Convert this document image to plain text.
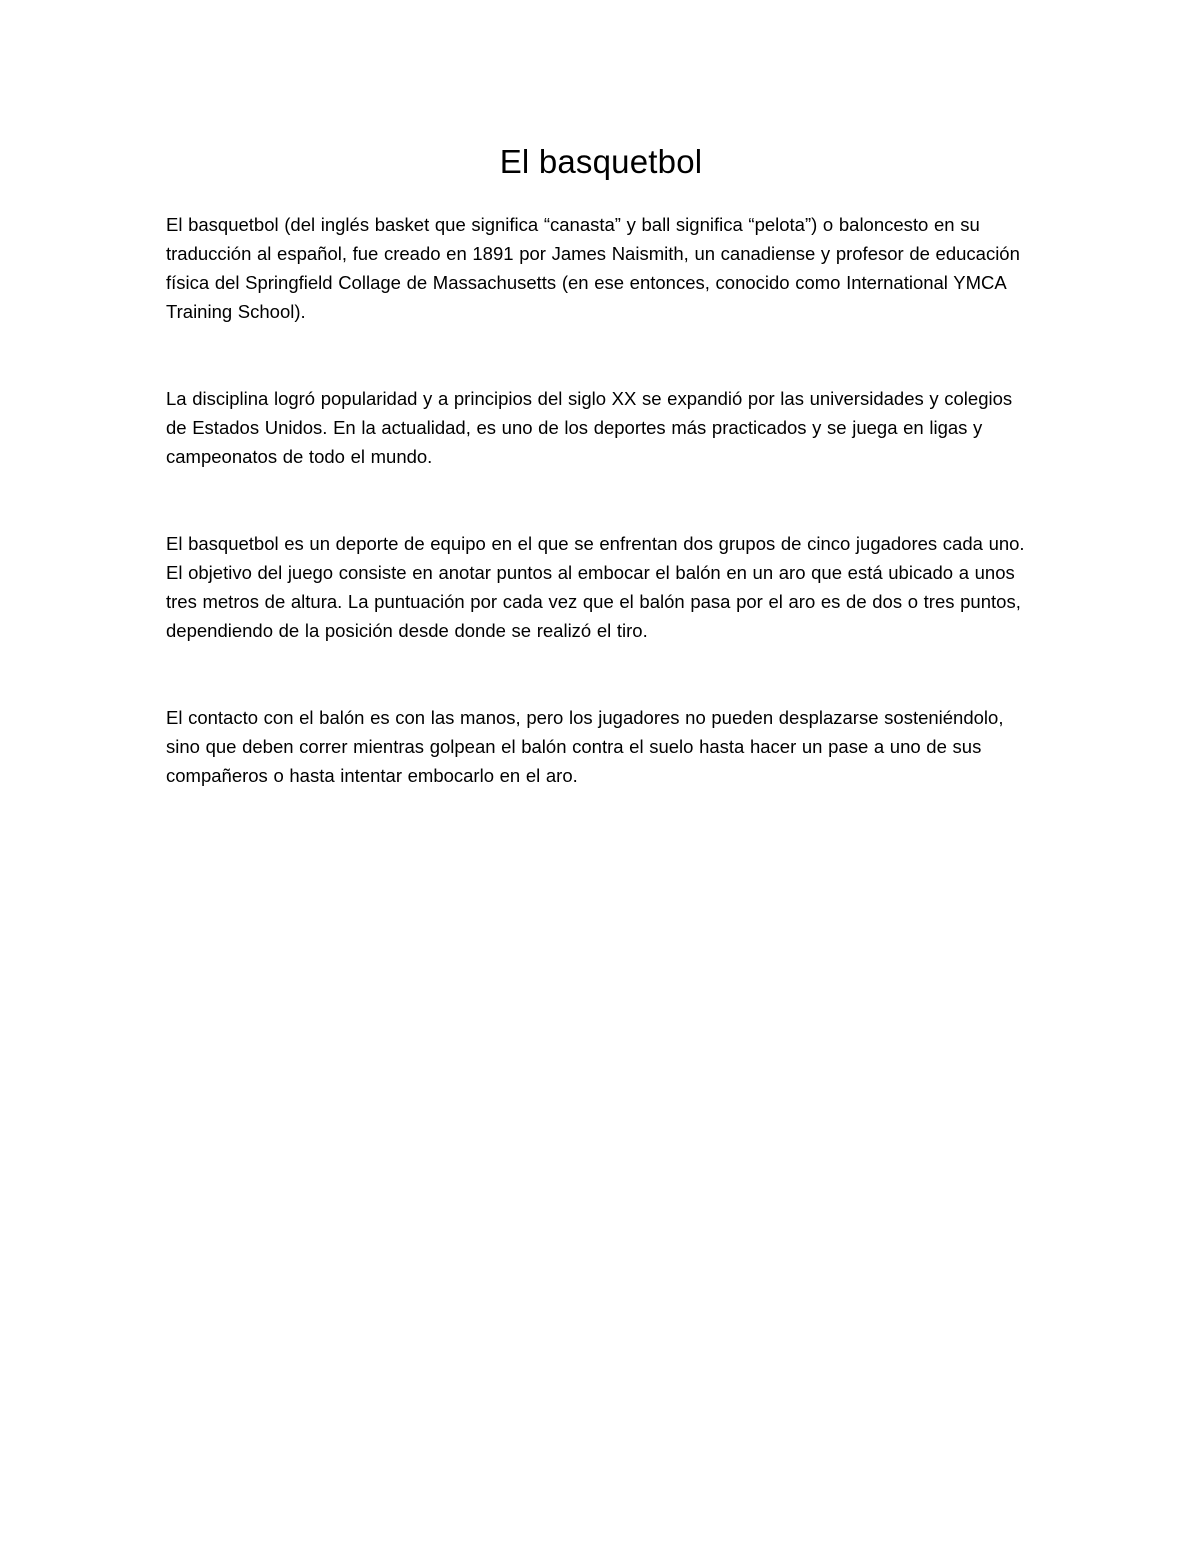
El basquetbol

El basquetbol (del inglés basket que significa “canasta” y ball significa “pelota”) o baloncesto en su traducción al español, fue creado en 1891 por James Naismith, un canadiense y profesor de educación física del Springfield Collage de Massachusetts (en ese entonces, conocido como International YMCA Training School).

La disciplina logró popularidad y a principios del siglo XX se expandió por las universidades y colegios de Estados Unidos. En la actualidad, es uno de los deportes más practicados y se juega en ligas y campeonatos de todo el mundo.

El basquetbol es un deporte de equipo en el que se enfrentan dos grupos de cinco jugadores cada uno. El objetivo del juego consiste en anotar puntos al embocar el balón en un aro que está ubicado a unos tres metros de altura. La puntuación por cada vez que el balón pasa por el aro es de dos o tres puntos, dependiendo de la posición desde donde se realizó el tiro.

El contacto con el balón es con las manos, pero los jugadores no pueden desplazarse sosteniéndolo, sino que deben correr mientras golpean el balón contra el suelo hasta hacer un pase a uno de sus compañeros o hasta intentar embocarlo en el aro.
